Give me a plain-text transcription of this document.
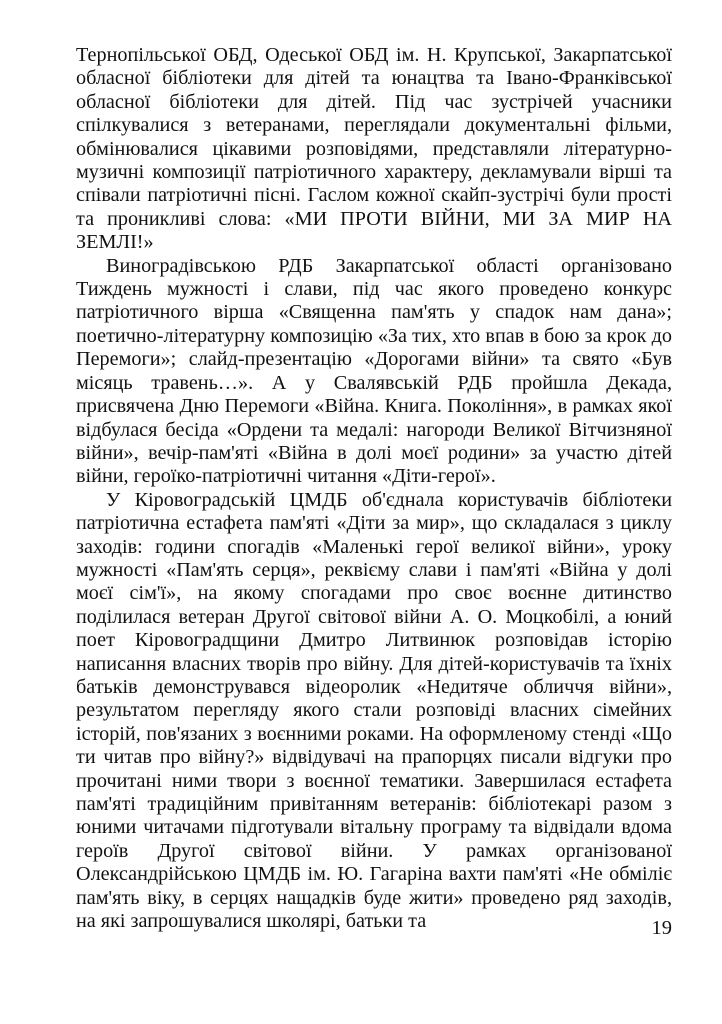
Тернопільської ОБД, Одеської ОБД ім. Н. Крупської, Закарпатської обласної бібліотеки для дітей та юнацтва та Івано-Франківської обласної бібліотеки для дітей. Під час зустрічей учасники спілкувалися з ветеранами, переглядали документальні фільми, обмінювалися цікавими розповідями, представляли літературно-музичні композиції патріотичного характеру, декламували вірші та співали патріотичні пісні. Гаслом кожної скайп-зустрічі були прості та проникливі слова: «МИ ПРОТИ ВІЙНИ, МИ ЗА МИР НА ЗЕМЛІ!»

Виноградівською РДБ Закарпатської області організовано Тиждень мужності і слави, під час якого проведено конкурс патріотичного вірша «Священна пам'ять у спадок нам дана»; поетично-літературну композицію «За тих, хто впав в бою за крок до Перемоги»; слайд-презентацію «Дорогами війни» та свято «Був місяць травень…». А у Свалявській РДБ пройшла Декада, присвячена Дню Перемоги «Війна. Книга. Покоління», в рамках якої відбулася бесіда «Ордени та медалі: нагороди Великої Вітчизняної війни», вечір-пам'яті «Війна в долі моєї родини» за участю дітей війни, героїко-патріотичні читання «Діти-герої».

У Кіровоградській ЦМДБ об'єднала користувачів бібліотеки патріотична естафета пам'яті «Діти за мир», що складалася з циклу заходів: години спогадів «Маленькі герої великої війни», уроку мужності «Пам'ять серця», реквієму слави і пам'яті «Війна у долі моєї сім'ї», на якому спогадами про своє воєнне дитинство поділилася ветеран Другої світової війни А. О. Моцкобілі, а юний поет Кіровоградщини Дмитро Литвинюк розповідав історію написання власних творів про війну. Для дітей-користувачів та їхніх батьків демонструвався відеоролик «Недитяче обличчя війни», результатом перегляду якого стали розповіді власних сімейних історій, пов'язаних з воєнними роками. На оформленому стенді «Що ти читав про війну?» відвідувачі на прапорцях писали відгуки про прочитані ними твори з воєнної тематики. Завершилася естафета пам'яті традиційним привітанням ветеранів: бібліотекарі разом з юними читачами підготували вітальну програму та відвідали вдома героїв Другої світової війни. У рамках організованої Олександрійською ЦМДБ ім. Ю. Гагаріна вахти пам'яті «Не обміліє пам'ять віку, в серцях нащадків буде жити» проведено ряд заходів, на які запрошувалися школярі, батьки та	19
